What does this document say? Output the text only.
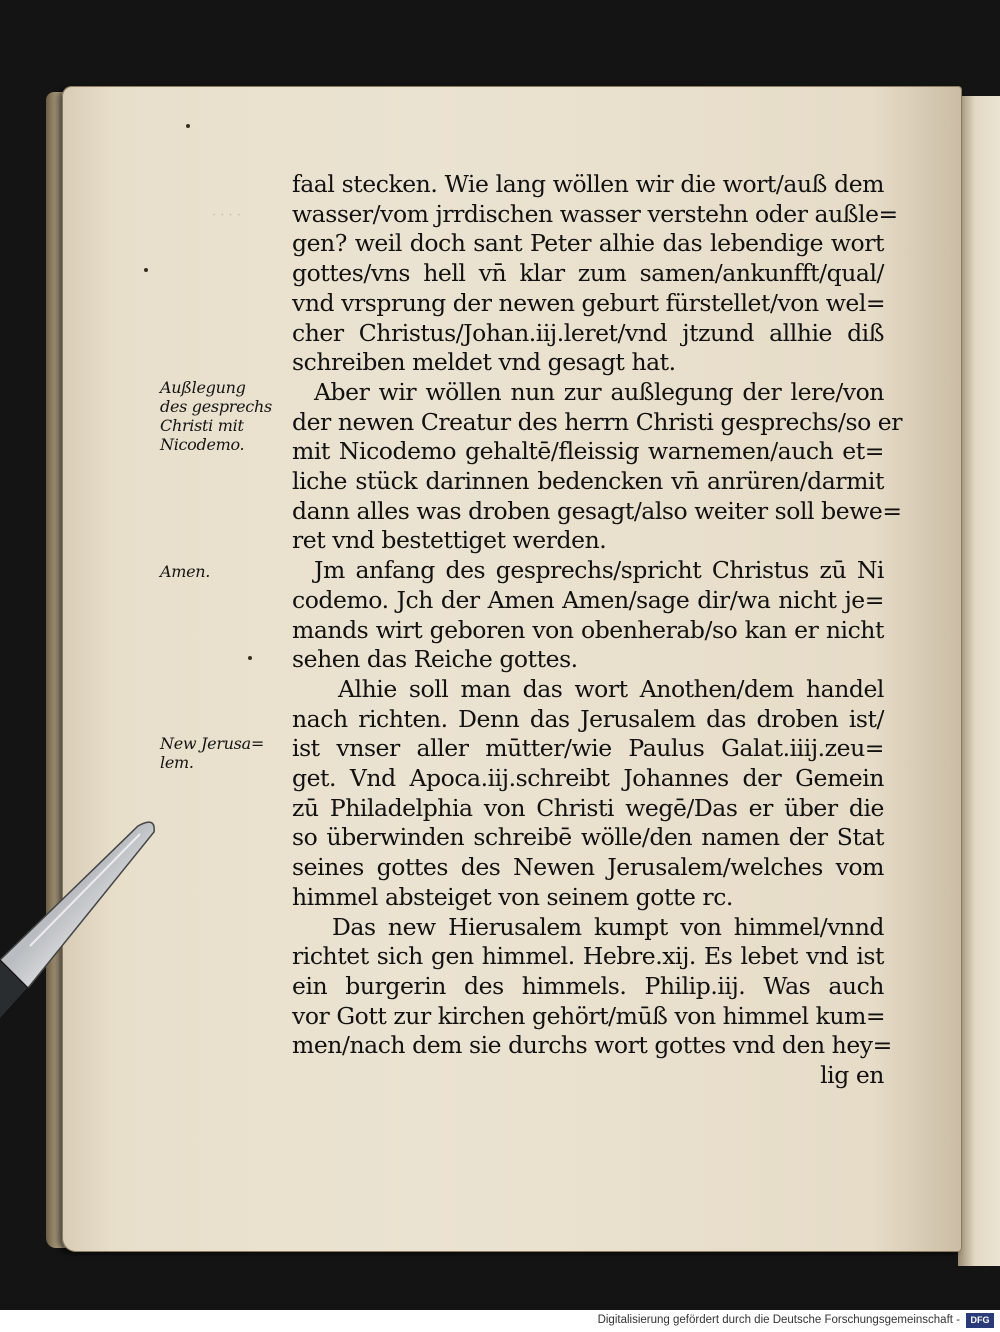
· · · ·
Außlegung
des gesprechs
Christi mit
Nicodemo.
Amen.
New Jerusa=
lem.
faal stecken. Wie lang wöllen wir die wort/auß dem
wasser/vom jrrdischen wasser verstehn oder außle=
gen? weil doch sant Peter alhie das lebendige wort
gottes/vns hell vn̄ klar zum samen/ankunfft/qual/
vnd vrsprung der newen geburt fürstellet/von wel=
cher Christus/Johan.iij.leret/vnd jtzund allhie diß
schreiben meldet vnd gesagt hat.
Aber wir wöllen nun zur außlegung der lere/von
der newen Creatur des herrn Christi gesprechs/so er
mit Nicodemo gehaltē/fleissig warnemen/auch et=
liche stück darinnen bedencken vn̄ anrüren/darmit
dann alles was droben gesagt/also weiter soll bewe=
ret vnd bestettiget werden.
Jm anfang des gesprechs/spricht Christus zū Ni
codemo. Jch der Amen Amen/sage dir/wa nicht je=
mands wirt geboren von obenherab/so kan er nicht
sehen das Reiche gottes.
Alhie soll man das wort Anothen/dem handel
nach richten. Denn das Jerusalem das droben ist/
ist vnser aller mūtter/wie Paulus Galat.iiij.zeu=
get. Vnd Apoca.iij.schreibt Johannes der Gemein
zū Philadelphia von Christi wegē/Das er über die
so überwinden schreibē wölle/den namen der Stat
seines gottes des Newen Jerusalem/welches vom
himmel absteiget von seinem gotte rc.
Das new Hierusalem kumpt von himmel/vnnd
richtet sich gen himmel. Hebre.xij. Es lebet vnd ist
ein burgerin des himmels. Philip.iij. Was auch
vor Gott zur kirchen gehört/mūß von himmel kum=
men/nach dem sie durchs wort gottes vnd den hey=
lig en
Digitalisierung gefördert durch die Deutsche Forschungsgemeinschaft -	DFG
